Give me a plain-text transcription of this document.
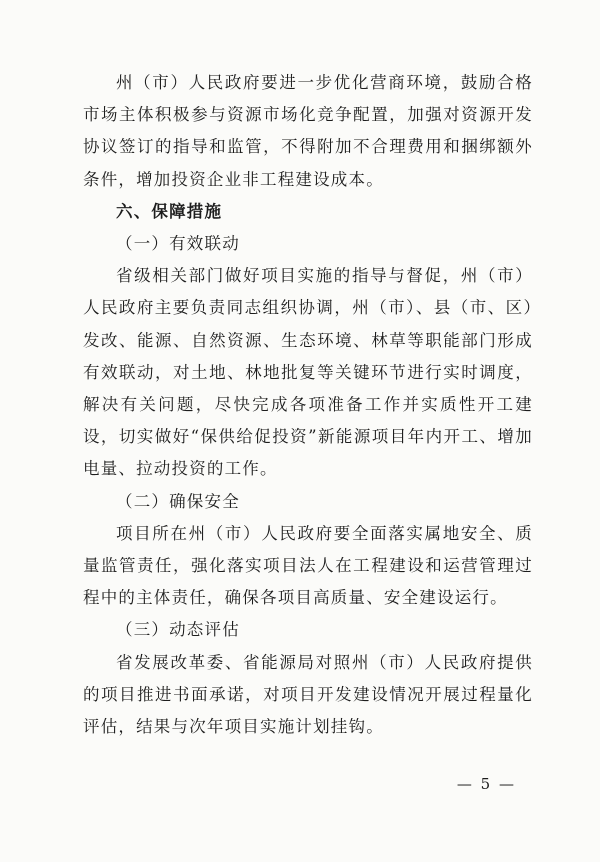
州（市）人民政府要进一步优化营商环境，鼓励合格市场主体积极参与资源市场化竞争配置，加强对资源开发协议签订的指导和监管，不得附加不合理费用和捆绑额外条件，增加投资企业非工程建设成本。

六、保障措施

（一）有效联动

省级相关部门做好项目实施的指导与督促，州（市）人民政府主要负责同志组织协调，州（市）、县（市、区）发改、能源、自然资源、生态环境、林草等职能部门形成有效联动，对土地、林地批复等关键环节进行实时调度，解决有关问题，尽快完成各项准备工作并实质性开工建设，切实做好“保供给促投资”新能源项目年内开工、增加电量、拉动投资的工作。

（二）确保安全

项目所在州（市）人民政府要全面落实属地安全、质量监管责任，强化落实项目法人在工程建设和运营管理过程中的主体责任，确保各项目高质量、安全建设运行。

（三）动态评估

省发展改革委、省能源局对照州（市）人民政府提供的项目推进书面承诺，对项目开发建设情况开展过程量化评估，结果与次年项目实施计划挂钩。

— 5 —
